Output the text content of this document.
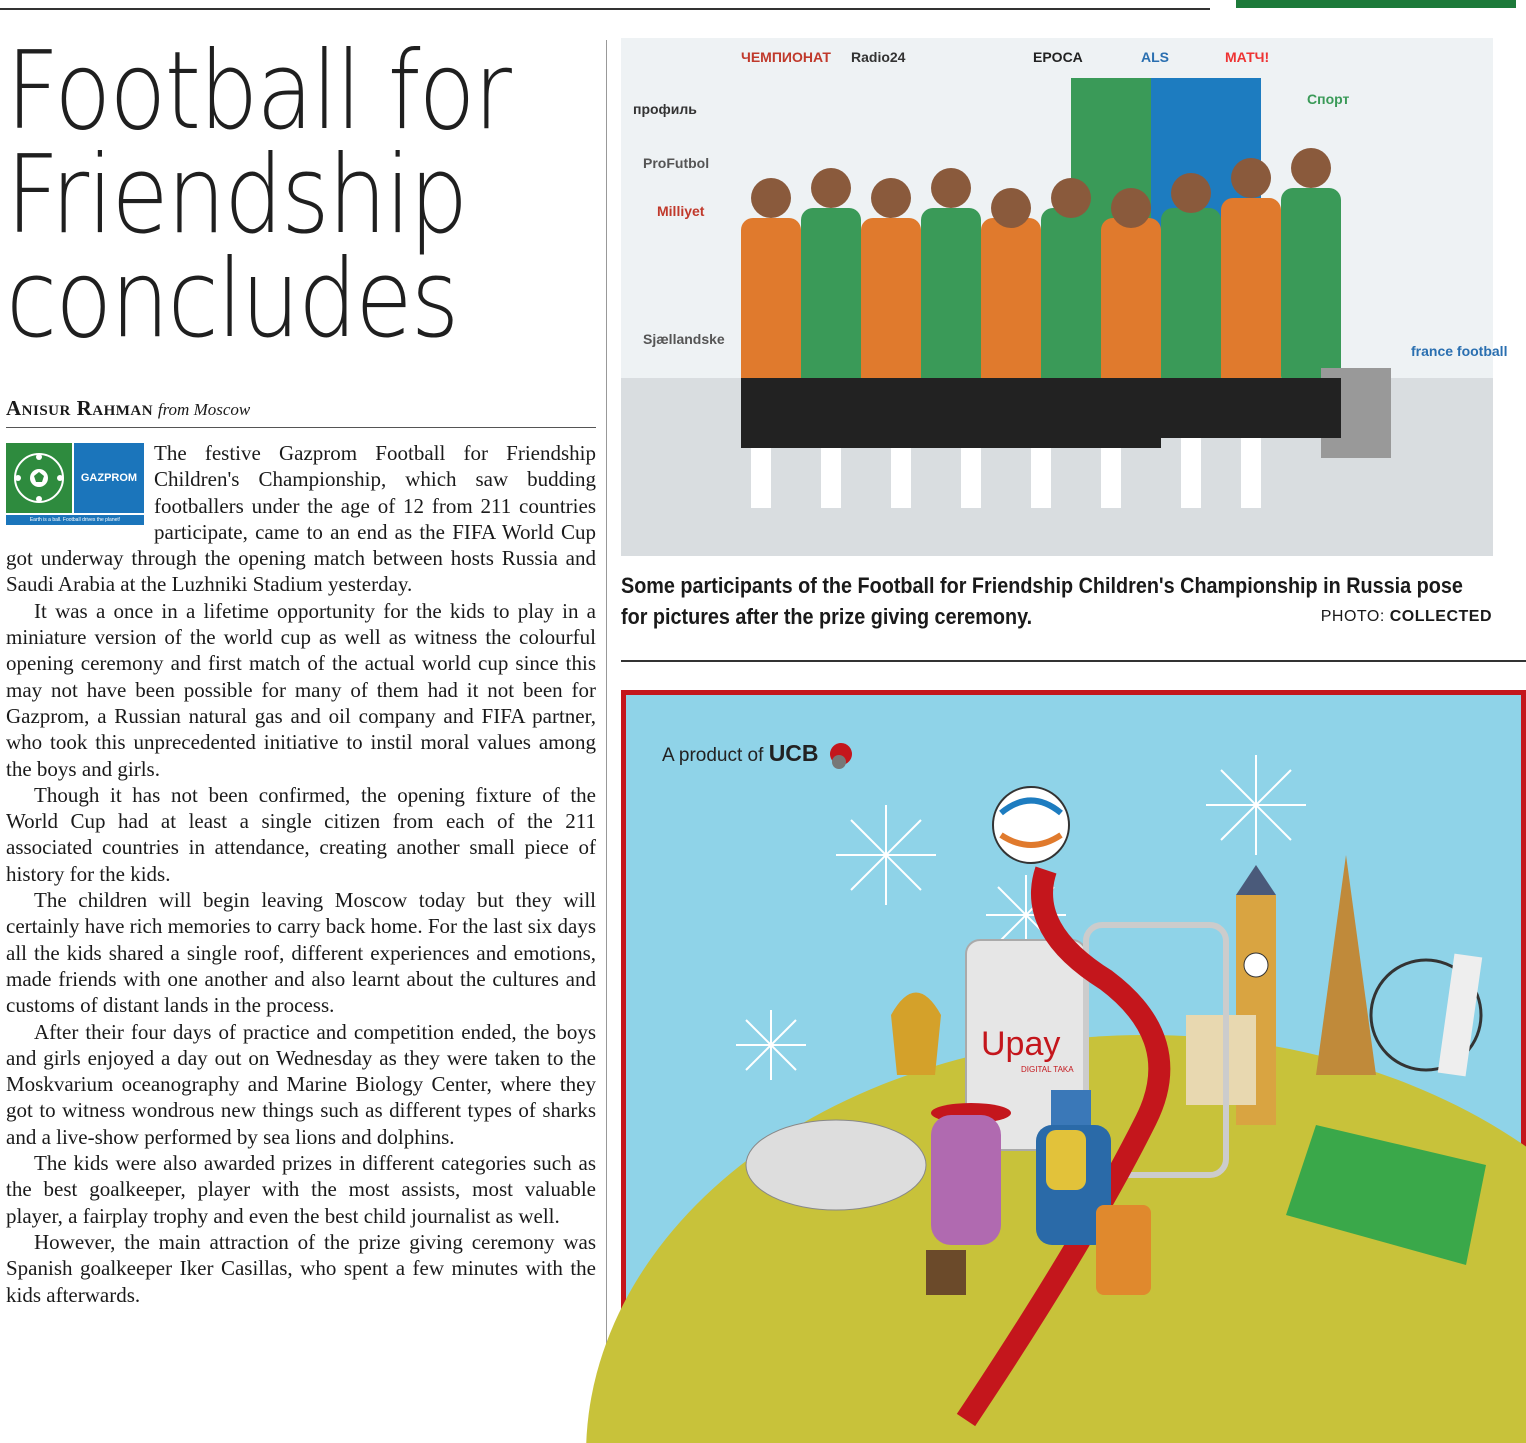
Football for
Friendship
concludes
Anisur Rahman from Moscow
GAZPROM
Earth is a ball. Football drives the planet!

The festive Gazprom Football for Friendship Children's Championship, which saw budding footballers under the age of 12 from 211 countries participate, came to an end as the FIFA World Cup got underway through the opening match between hosts Russia and Saudi Arabia at the Luzhniki Stadium yesterday.

It was a once in a lifetime opportunity for the kids to play in a miniature version of the world cup as well as witness the colourful opening ceremony and first match of the actual world cup since this may not have been possible for many of them had it not been for Gazprom, a Russian natural gas and oil company and FIFA partner, who took this unprecedented initiative to instil moral values among the boys and girls.

Though it has not been confirmed, the opening fixture of the World Cup had at least a single citizen from each of the 211 associated countries in attendance, creating another small piece of history for the kids.

The children will begin leaving Moscow today but they will certainly have rich memories to carry back home. For the last six days all the kids shared a single roof, different experiences and emotions, made friends with one another and also learnt about the cultures and customs of distant lands in the process.

After their four days of practice and competition ended, the boys and girls enjoyed a day out on Wednesday as they were taken to the Moskvarium oceanography and Marine Biology Center, where they got to witness wondrous new things such as different types of sharks and a live-show performed by sea lions and dolphins.

The kids were also awarded prizes in different categories such as the best goalkeeper, player with the most assists, most valuable player, a fairplay trophy and even the best child journalist as well.

However, the main attraction of the prize giving ceremony was Spanish goalkeeper Iker Casillas, who spent a few minutes with the kids afterwards.

ЧЕМПИОНАТ Radio24	EPOCA	ALS	МАТЧ!
Спорт
профиль
ProFutbol
Milliyet
Sjællandske
france football
Some participants of the Football for Friendship Children's Championship in Russia pose for pictures after the prize giving ceremony.	PHOTO: COLLECTED
A product of UCB
Upay
DIGITAL TAKA
